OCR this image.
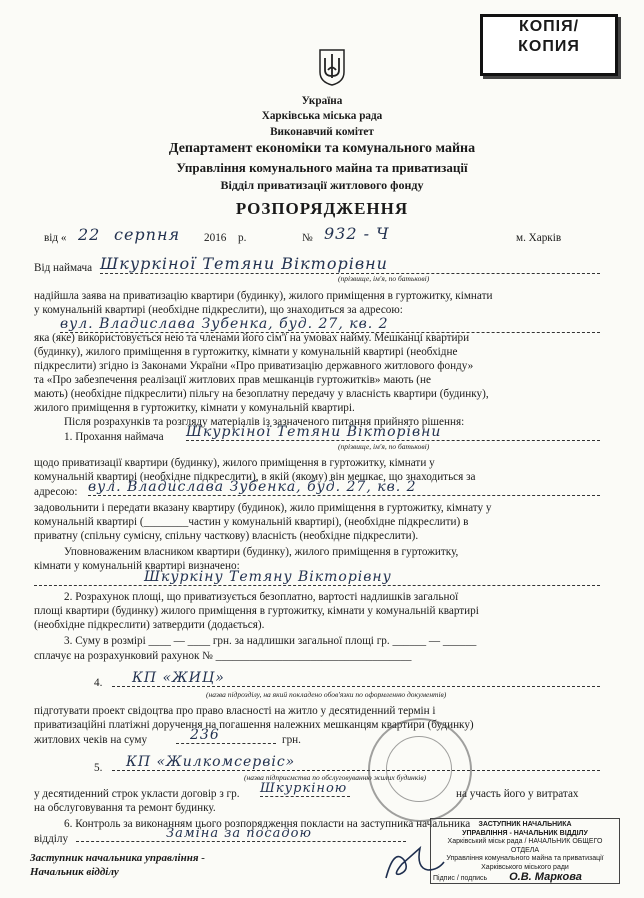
КОПІЯ/
КОПИЯ
Україна
Харківська міська рада
Виконавчий комітет
Департамент економіки та комунального майна
Управління комунального майна та приватизації
Відділ приватизації житлового фонду
РОЗПОРЯДЖЕННЯ
від « 22 серпня 2016 р.	№ 932 - Ч	м. Харків
Від наймача Шкуркіної Тетяни Вікторівни
(прізвище, ім'я, по батькові)
надійшла заява на приватизацію квартири (будинку), жилого приміщення в гуртожитку, кімнати
у комунальній квартирі (необхідне підкреслити), що знаходиться за адресою:
вул. Владислава Зубенка, буд. 27, кв. 2
яка (яке) використовується нею та членами його сім'ї на умовах найму. Мешканці квартири
(будинку), жилого приміщення в гуртожитку, кімнати у комунальній квартирі (необхідне
підкреслити) згідно із Законами України «Про приватизацію державного житлового фонду»
та «Про забезпечення реалізації житлових прав мешканців гуртожитків» мають (не
мають) (необхідне підкреслити) пільгу на безоплатну передачу у власність квартири (будинку),
жилого приміщення в гуртожитку, кімнати у комунальній квартирі.
Після розрахунків та розгляду матеріалів із зазначеного питання прийнято рішення:
1. Прохання наймача Шкуркіної Тетяни Вікторівни
(прізвище, ім'я, по батькові)
щодо приватизації квартири (будинку), жилого приміщення в гуртожитку, кімнати у
комунальній квартирі (необхідне підкреслити), в якій (якому) він мешкає, що знаходиться за
адресою: вул. Владислава Зубенка, буд. 27, кв. 2
задовольнити і передати вказану квартиру (будинок), жило приміщення в гуртожитку, кімнату у
комунальній квартирі (________частин у комунальній квартирі), (необхідне підкреслити) в
приватну (спільну сумісну, спільну часткову) власність (необхідне підкреслити).
Уповноваженим власником квартири (будинку), жилого приміщення в гуртожитку,
кімнати у комунальній квартирі визначено:
Шкуркіну Тетяну Вікторівну
2. Розрахунок площі, що приватизується безоплатно, вартості надлишків загальної
площі квартири (будинку) жилого приміщення в гуртожитку, кімнати у комунальній квартирі
(необхідне підкреслити) затвердити (додається).
3. Суму в розмірі ____ — ____ грн. за надлишки загальної площі гр. ______ — ______
сплачує на розрахунковий рахунок № ___________________________________
4.	КП «ЖИЦ»
(назва підрозділу, на який покладено обов'язки по оформленню документів)
підготувати проект свідоцтва про право власності на житло у десятиденний термін і
приватизаційні платіжні доручення на погашення належних мешканцям квартири (будинку)
житлових чеків на суму	236	грн.
5.	КП «Жилкомсервіс»
(назва підприємства по обслуговуванню жилих будинків)
у десятиденний строк укласти договір з гр. Шкуркіною	на участь його у витратах
на обслуговування та ремонт будинку.
6. Контроль за виконанням цього розпорядження покласти на заступника начальника
відділу	Заміна за посадою
ЗАСТУПНИК НАЧАЛЬНИКА
УПРАВЛІННЯ - НАЧАЛЬНИК ВІДДІЛУ
Харківський міськ рада / НАЧАЛЬНИК ОБЩЕГО ОТДЕЛА
Управління комунального майна та приватизації
Харківського міського ради
Підпис / подпись О.В. Маркова
Заступник начальника управління -
Начальник відділу
